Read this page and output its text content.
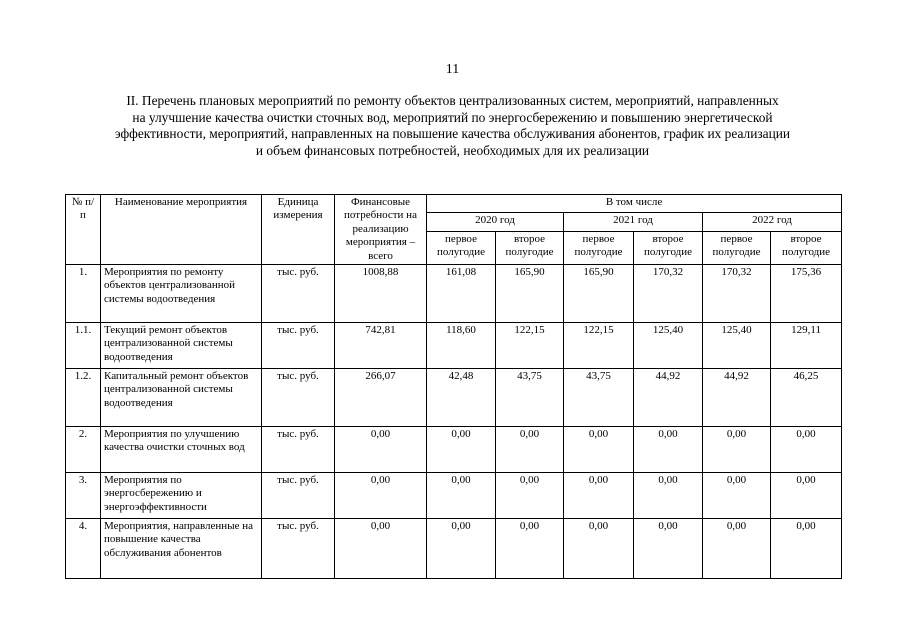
11
II. Перечень плановых мероприятий по ремонту объектов централизованных систем, мероприятий, направленных
на улучшение качества очистки сточных вод, мероприятий по энергосбережению и повышению энергетической
эффективности, мероприятий, направленных на повышение качества обслуживания абонентов, график их реализации
и объем финансовых потребностей, необходимых для их реализации
№ п/п	Наименование мероприятия	Единица измерения	Финансовые потребности на реализацию мероприятия – всего	В том числе					
				2020 год		2021 год		2022 год	
				первое полугодие	второе полугодие	первое полугодие	второе полугодие	первое полугодие	второе полугодие
1.	Мероприятия по ремонту объектов централизованной системы водоотведения	тыс. руб.	1008,88	161,08	165,90	165,90	170,32	170,32	175,36
1.1.	Текущий ремонт объектов централизованной системы водоотведения	тыс. руб.	742,81	118,60	122,15	122,15	125,40	125,40	129,11
1.2.	Капитальный ремонт объектов централизованной системы водоотведения	тыс. руб.	266,07	42,48	43,75	43,75	44,92	44,92	46,25
2.	Мероприятия по улучшению качества очистки сточных вод	тыс. руб.	0,00	0,00	0,00	0,00	0,00	0,00	0,00
3.	Мероприятия по энергосбережению и энергоэффективности	тыс. руб.	0,00	0,00	0,00	0,00	0,00	0,00	0,00
4.	Мероприятия, направленные на повышение качества обслуживания абонентов	тыс. руб.	0,00	0,00	0,00	0,00	0,00	0,00	0,00
